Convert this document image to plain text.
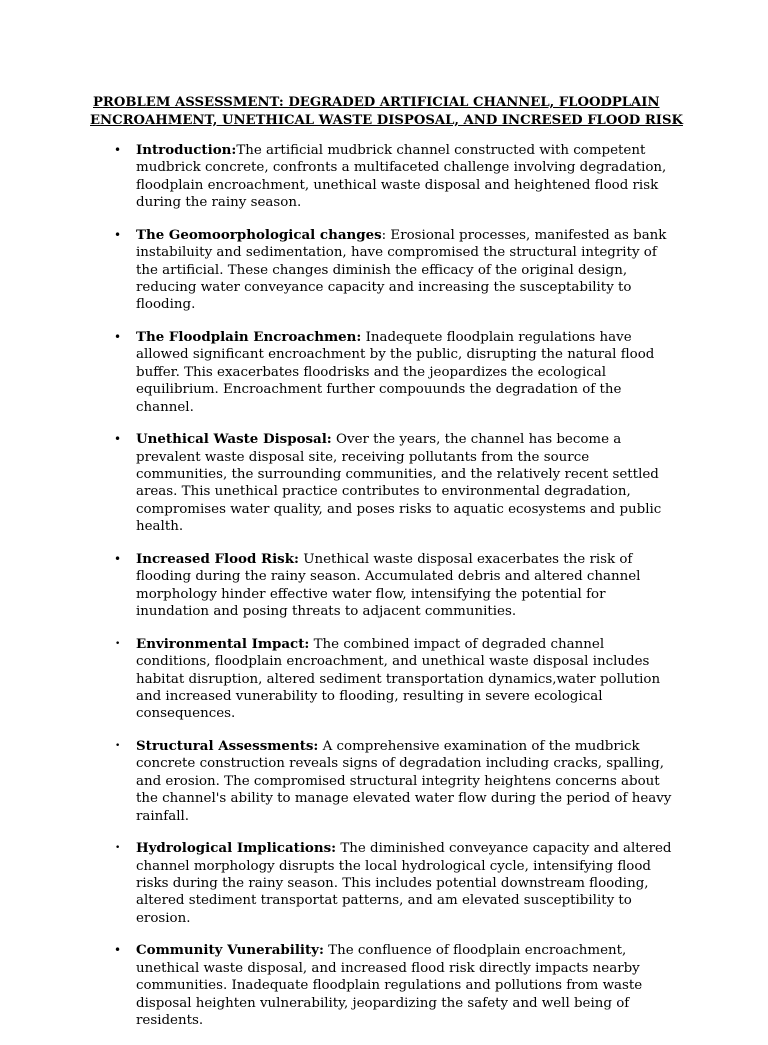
PROBLEM ASSESSMENT: DEGRADED ARTIFICIAL CHANNEL, FLOODPLAIN
ENCROAHMENT, UNETHICAL WASTE DISPOSAL, AND INCRESED FLOOD RISK
•	Introduction:The artificial mudbrick channel constructed with competent mudbrick concrete, confronts a multifaceted challenge involving degradation, floodplain encroachment, unethical waste disposal and heightened flood risk during the rainy season.
•	The Geomoorphological changes: Erosional processes, manifested as bank instabiluity and sedimentation, have compromised the structural integrity of the artificial. These changes diminish the efficacy of the original design, reducing water conveyance capacity and increasing the susceptability to flooding.
•	The Floodplain Encroachmen: Inadequete floodplain regulations have allowed significant encroachment by the public, disrupting the natural flood buffer. This exacerbates floodrisks and the jeopardizes the ecological equilibrium. Encroachment further compouunds the degradation of the channel.
•	Unethical Waste Disposal: Over the years, the channel has become a prevalent waste disposal site, receiving pollutants from the source communities, the surrounding communities, and the relatively recent settled areas. This unethical practice contributes to environmental degradation, compromises water quality, and poses risks to aquatic ecosystems and public health.
•	Increased Flood Risk: Unethical waste disposal exacerbates the risk of flooding during the rainy season. Accumulated debris and altered channel morphology hinder effective water flow, intensifying the potential for inundation and posing threats to adjacent communities.
•	Environmental Impact: The combined impact of degraded channel conditions, floodplain encroachment, and unethical waste disposal includes habitat disruption, altered sediment transportation dynamics,water pollution and increased vunerability to flooding, resulting in severe ecological consequences.
•	Structural Assessments: A comprehensive examination of the mudbrick concrete construction reveals signs of degradation including cracks, spalling, and erosion. The compromised structural integrity heightens concerns about the channel's ability to manage elevated water flow during the period of heavy rainfall.
•	Hydrological Implications: The diminished conveyance capacity and altered channel morphology disrupts the local hydrological cycle, intensifying flood risks during the rainy season. This includes potential downstream flooding, altered stediment transportat patterns, and am elevated susceptibility to erosion.
•	Community Vunerability: The confluence of floodplain encroachment, unethical waste disposal, and increased flood risk directly impacts nearby communities. Inadequate floodplain regulations and pollutions from waste disposal heighten vulnerability, jeopardizing the safety and well being of residents.
